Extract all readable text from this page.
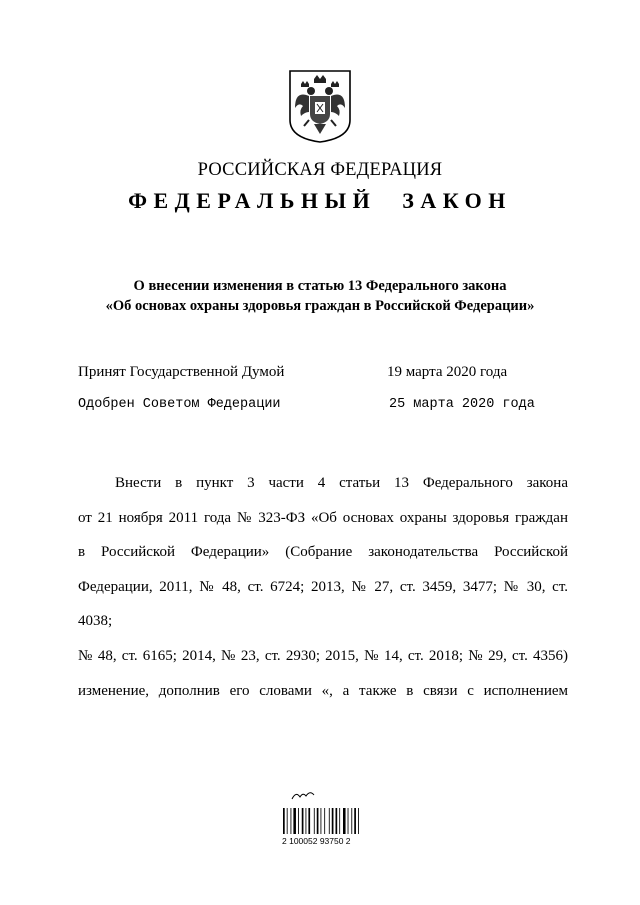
РОССИЙСКАЯ ФЕДЕРАЦИЯ
ФЕДЕРАЛЬНЫЙ ЗАКОН
О внесении изменения в статью 13 Федерального закона
«Об основах охраны здоровья граждан в Российской Федерации»
Принят Государственной Думой	19 марта 2020 года
Одобрен Советом Федерации	25 марта 2020 года
Внести в пункт 3 части 4 статьи 13 Федерального закона
от 21 ноября 2011 года № 323-ФЗ «Об основах охраны здоровья граждан
в Российской Федерации» (Собрание законодательства Российской
Федерации, 2011, № 48, ст. 6724; 2013, № 27, ст. 3459, 3477; № 30, ст. 4038;
№ 48, ст. 6165; 2014, № 23, ст. 2930; 2015, № 14, ст. 2018; № 29, ст. 4356)
изменение, дополнив его словами «, а также в связи с исполнением
2 100052 93750 2
